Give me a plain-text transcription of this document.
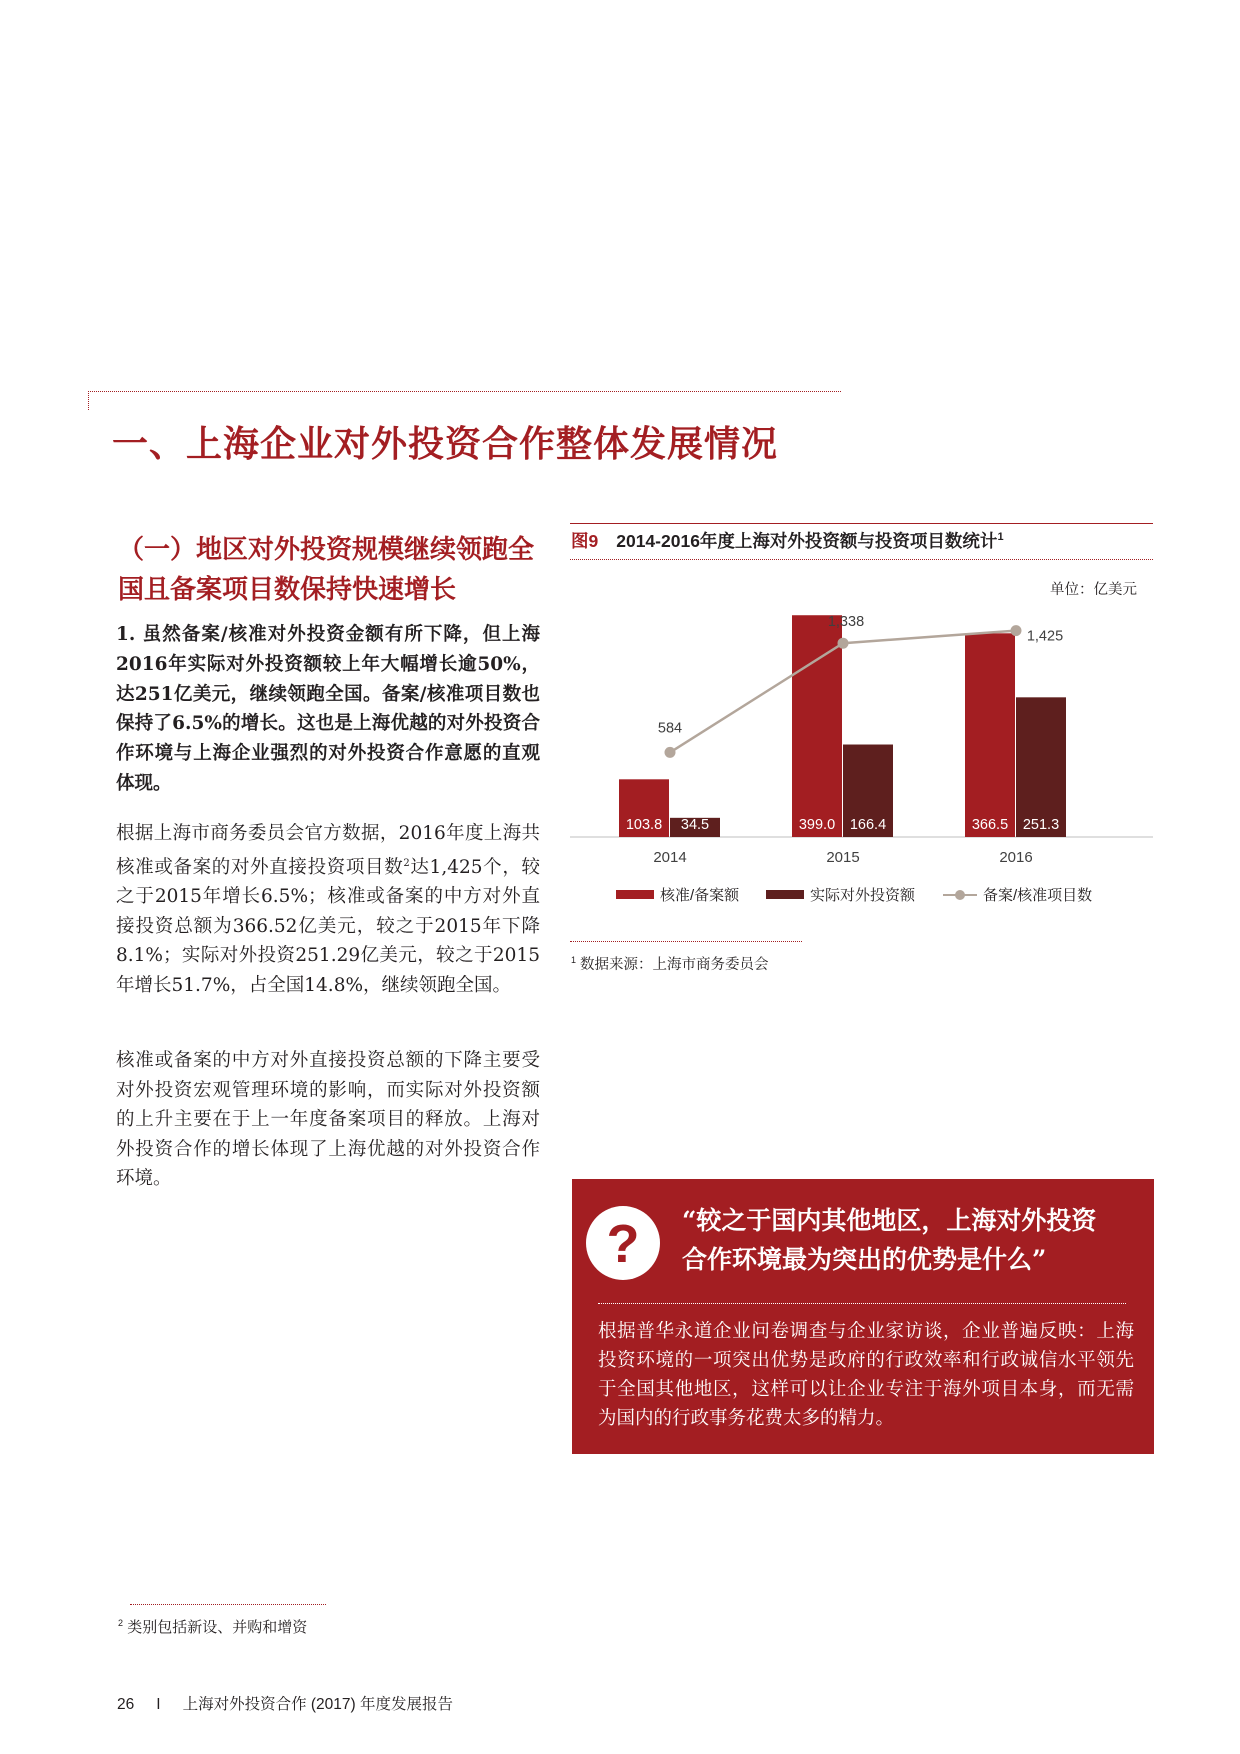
一、上海企业对外投资合作整体发展情况
（一）地区对外投资规模继续领跑全国且备案项目数保持快速增长
1. 虽然备案/核准对外投资金额有所下降，但上海2016年实际对外投资额较上年大幅增长逾50%，达251亿美元，继续领跑全国。备案/核准项目数也保持了6.5%的增长。这也是上海优越的对外投资合作环境与上海企业强烈的对外投资合作意愿的直观体现。
根据上海市商务委员会官方数据，2016年度上海共核准或备案的对外直接投资项目数$^2$达1,425个，较之于2015年增长6.5%；核准或备案的中方对外直接投资总额为366.52亿美元，较之于2015年下降8.1%；实际对外投资251.29亿美元，较之于2015年增长51.7%，占全国14.8%，继续领跑全国。
核准或备案的中方对外直接投资总额的下降主要受对外投资宏观管理环境的影响，而实际对外投资额的上升主要在于上一年度备案项目的释放。上海对外投资合作的增长体现了上海优越的对外投资合作环境。
图9 2014-2016年度上海对外投资额与投资项目数统计$^1$
单位：亿美元
103.8	399.0	366.5
34.5	166.4	251.3
584
1,338
1,425
2014	2015	2016
核准/备案额	实际对外投资额	备案/核准项目数
$^1$ 数据来源：上海市商务委员会
?	“较之于国内其他地区，上海对外投资合作环境最为突出的优势是什么”
根据普华永道企业问卷调查与企业家访谈，企业普遍反映：上海投资环境的一项突出优势是政府的行政效率和行政诚信水平领先于全国其他地区，这样可以让企业专注于海外项目本身，而无需为国内的行政事务花费太多的精力。
$^2$ 类别包括新设、并购和增资
26 I 上海对外投资合作 (2017) 年度发展报告
